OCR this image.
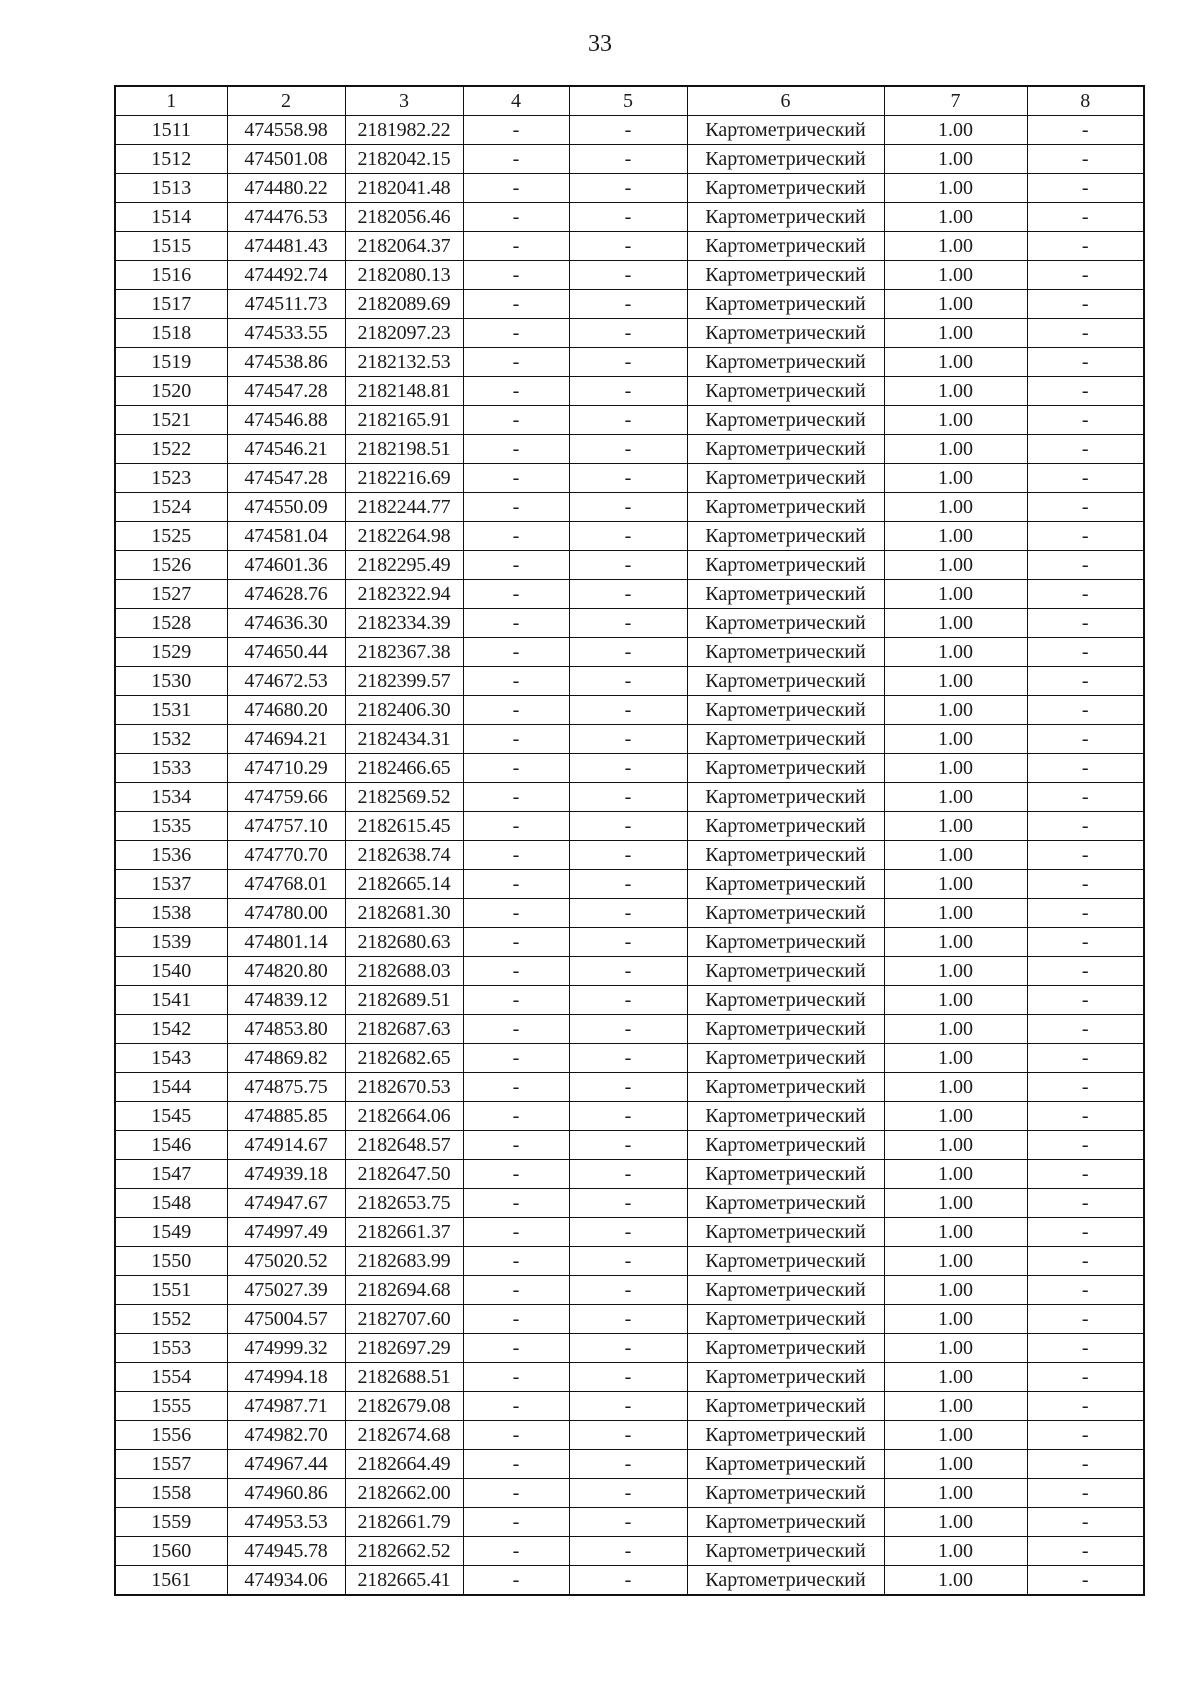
33
1	2	3	4	5	6	7	8
1511	474558.98	2181982.22	-	-	Картометрический	1.00	-
1512	474501.08	2182042.15	-	-	Картометрический	1.00	-
1513	474480.22	2182041.48	-	-	Картометрический	1.00	-
1514	474476.53	2182056.46	-	-	Картометрический	1.00	-
1515	474481.43	2182064.37	-	-	Картометрический	1.00	-
1516	474492.74	2182080.13	-	-	Картометрический	1.00	-
1517	474511.73	2182089.69	-	-	Картометрический	1.00	-
1518	474533.55	2182097.23	-	-	Картометрический	1.00	-
1519	474538.86	2182132.53	-	-	Картометрический	1.00	-
1520	474547.28	2182148.81	-	-	Картометрический	1.00	-
1521	474546.88	2182165.91	-	-	Картометрический	1.00	-
1522	474546.21	2182198.51	-	-	Картометрический	1.00	-
1523	474547.28	2182216.69	-	-	Картометрический	1.00	-
1524	474550.09	2182244.77	-	-	Картометрический	1.00	-
1525	474581.04	2182264.98	-	-	Картометрический	1.00	-
1526	474601.36	2182295.49	-	-	Картометрический	1.00	-
1527	474628.76	2182322.94	-	-	Картометрический	1.00	-
1528	474636.30	2182334.39	-	-	Картометрический	1.00	-
1529	474650.44	2182367.38	-	-	Картометрический	1.00	-
1530	474672.53	2182399.57	-	-	Картометрический	1.00	-
1531	474680.20	2182406.30	-	-	Картометрический	1.00	-
1532	474694.21	2182434.31	-	-	Картометрический	1.00	-
1533	474710.29	2182466.65	-	-	Картометрический	1.00	-
1534	474759.66	2182569.52	-	-	Картометрический	1.00	-
1535	474757.10	2182615.45	-	-	Картометрический	1.00	-
1536	474770.70	2182638.74	-	-	Картометрический	1.00	-
1537	474768.01	2182665.14	-	-	Картометрический	1.00	-
1538	474780.00	2182681.30	-	-	Картометрический	1.00	-
1539	474801.14	2182680.63	-	-	Картометрический	1.00	-
1540	474820.80	2182688.03	-	-	Картометрический	1.00	-
1541	474839.12	2182689.51	-	-	Картометрический	1.00	-
1542	474853.80	2182687.63	-	-	Картометрический	1.00	-
1543	474869.82	2182682.65	-	-	Картометрический	1.00	-
1544	474875.75	2182670.53	-	-	Картометрический	1.00	-
1545	474885.85	2182664.06	-	-	Картометрический	1.00	-
1546	474914.67	2182648.57	-	-	Картометрический	1.00	-
1547	474939.18	2182647.50	-	-	Картометрический	1.00	-
1548	474947.67	2182653.75	-	-	Картометрический	1.00	-
1549	474997.49	2182661.37	-	-	Картометрический	1.00	-
1550	475020.52	2182683.99	-	-	Картометрический	1.00	-
1551	475027.39	2182694.68	-	-	Картометрический	1.00	-
1552	475004.57	2182707.60	-	-	Картометрический	1.00	-
1553	474999.32	2182697.29	-	-	Картометрический	1.00	-
1554	474994.18	2182688.51	-	-	Картометрический	1.00	-
1555	474987.71	2182679.08	-	-	Картометрический	1.00	-
1556	474982.70	2182674.68	-	-	Картометрический	1.00	-
1557	474967.44	2182664.49	-	-	Картометрический	1.00	-
1558	474960.86	2182662.00	-	-	Картометрический	1.00	-
1559	474953.53	2182661.79	-	-	Картометрический	1.00	-
1560	474945.78	2182662.52	-	-	Картометрический	1.00	-
1561	474934.06	2182665.41	-	-	Картометрический	1.00	-
